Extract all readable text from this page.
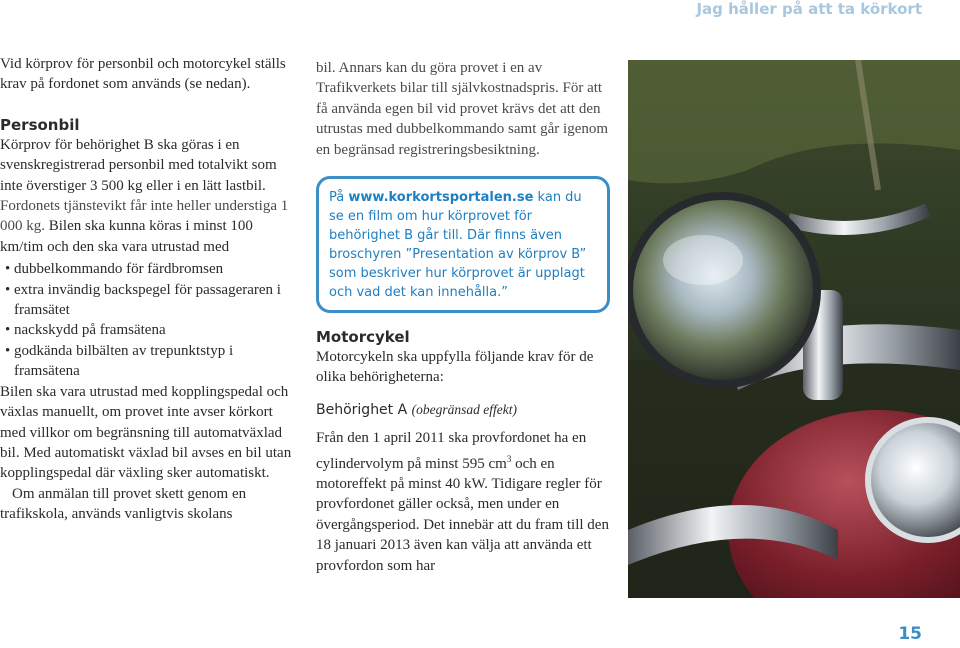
Jag håller på att ta körkort

Vid körprov för personbil och motorcykel ställs krav på fordonet som används (se nedan).

Personbil

Körprov för behörighet B ska göras i en svenskregistrerad personbil med totalvikt som inte överstiger 3 500 kg eller i en lätt lastbil. Fordonets tjänstevikt får inte heller understiga 1 000 kg. Bilen ska kunna köras i minst 100 km/tim och den ska vara utrustad med

• dubbelkommando för färdbromsen
• extra invändig backspegel för passageraren i framsätet
• nackskydd på framsätena
• godkända bilbälten av trepunktstyp i framsätena

Bilen ska vara utrustad med kopplingspedal och växlas manuellt, om provet inte avser körkort med villkor om begränsning till automatväxlad bil. Med automatiskt växlad bil avses en bil utan kopplingspedal där växling sker automatiskt.

Om anmälan till provet skett genom en trafikskola, används vanligtvis skolans

bil. Annars kan du göra provet i en av Trafikverkets bilar till självkostnadspris. För att få använda egen bil vid provet krävs det att den utrustas med dubbelkommando samt går igenom en begränsad registreringsbesiktning.

På www.korkortsportalen.se kan du se en film om hur körprovet för behörighet B går till. Där finns även broschyren ”Presentation av körprov B” som beskriver hur körprovet är upplagt och vad det kan innehålla.”
Motorcykel

Motorcykeln ska uppfylla följande krav för de olika behörigheterna:

Behörighet A (obegränsad effekt)

Från den 1 april 2011 ska provfordonet ha en cylindervolym på minst 595 $cm^3$ och en motoreffekt på minst 40 kW. Tidigare regler för provfordonet gäller också, men under en övergångsperiod. Det innebär att du fram till den 18 januari 2013 även kan välja att använda ett provfordon som har

15
